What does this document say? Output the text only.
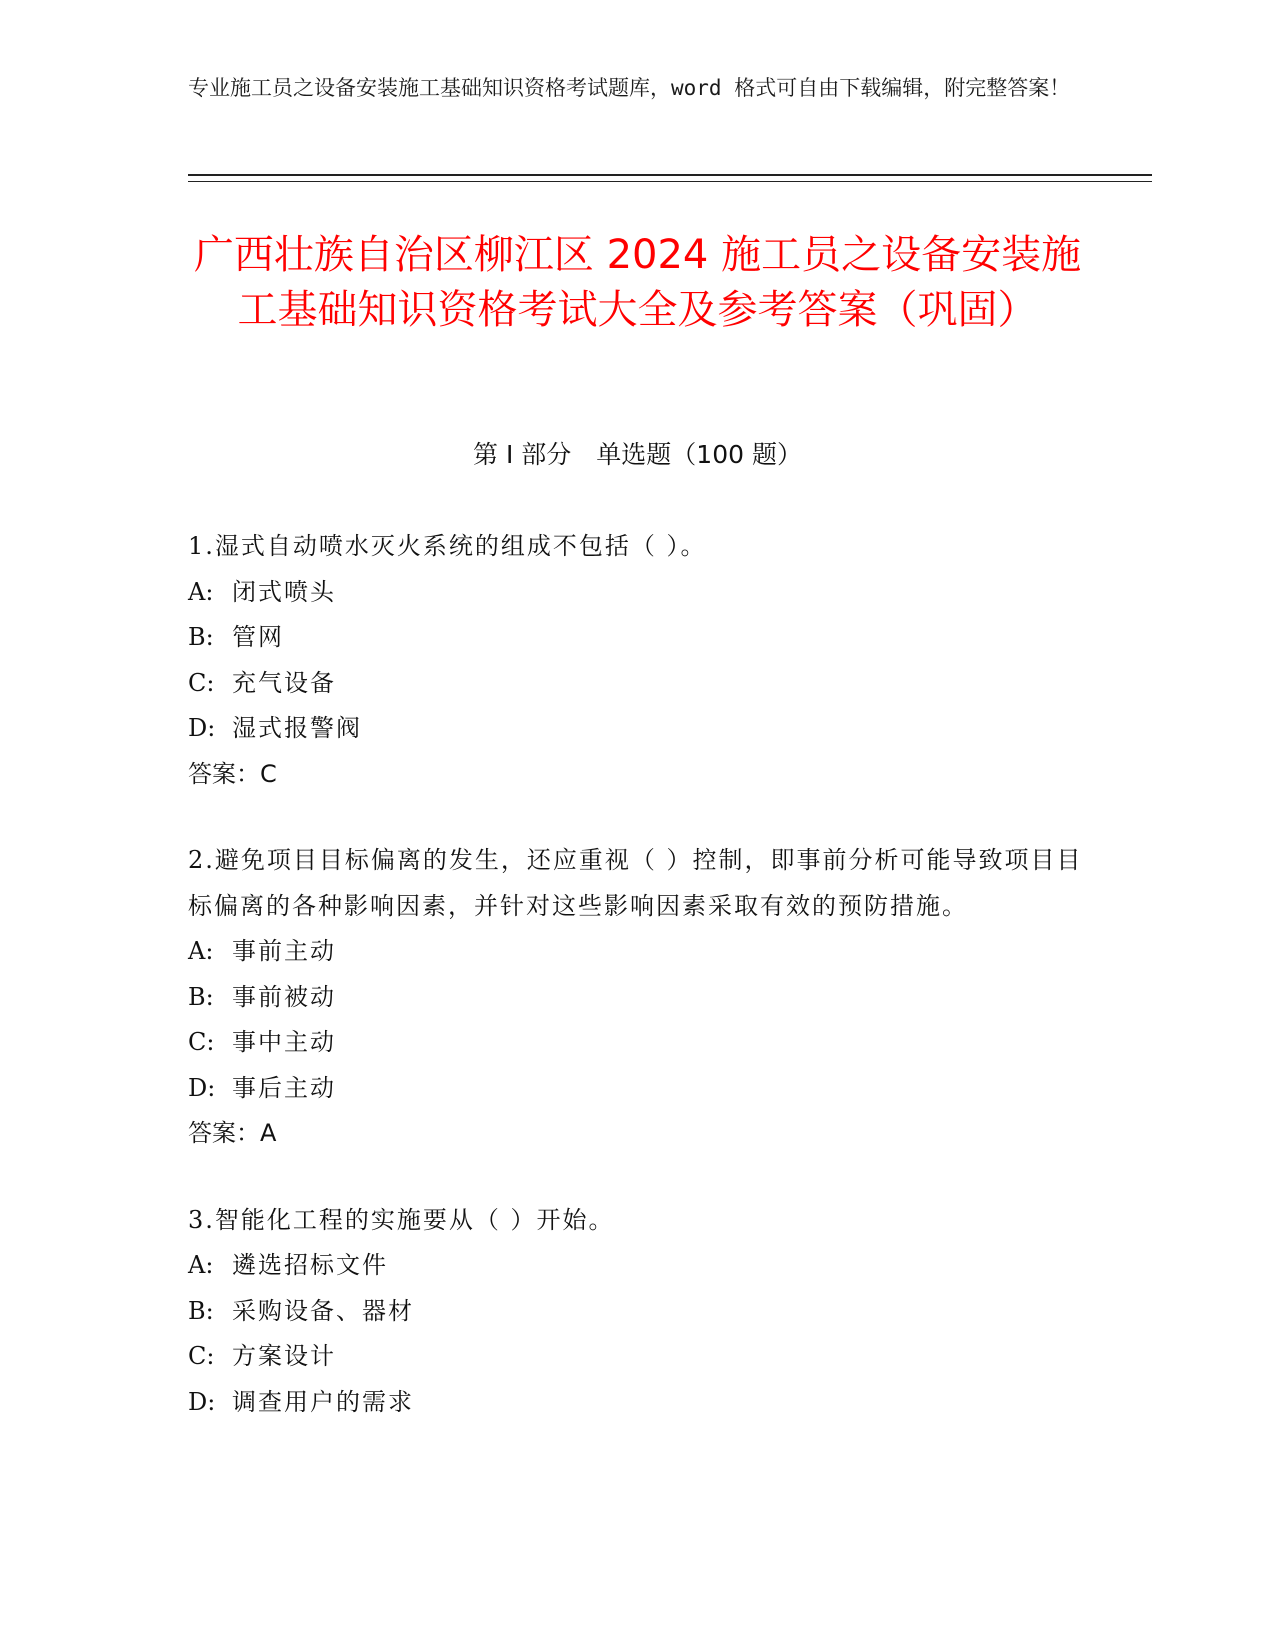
专业施工员之设备安装施工基础知识资格考试题库，word 格式可自由下载编辑，附完整答案！
广西壮族自治区柳江区 2024 施工员之设备安装施工基础知识资格考试大全及参考答案（巩固）
第 I 部分　单选题（100 题）

1.湿式自动喷水灭火系统的组成不包括（ ）。

A: 闭式喷头

B: 管网

C: 充气设备

D: 湿式报警阀

答案：C

2.避免项目目标偏离的发生，还应重视（ ）控制，即事前分析可能导致项目目标偏离的各种影响因素，并针对这些影响因素采取有效的预防措施。

A: 事前主动

B: 事前被动

C: 事中主动

D: 事后主动

答案：A

3.智能化工程的实施要从（ ）开始。

A: 遴选招标文件

B: 采购设备、器材

C: 方案设计

D: 调查用户的需求
